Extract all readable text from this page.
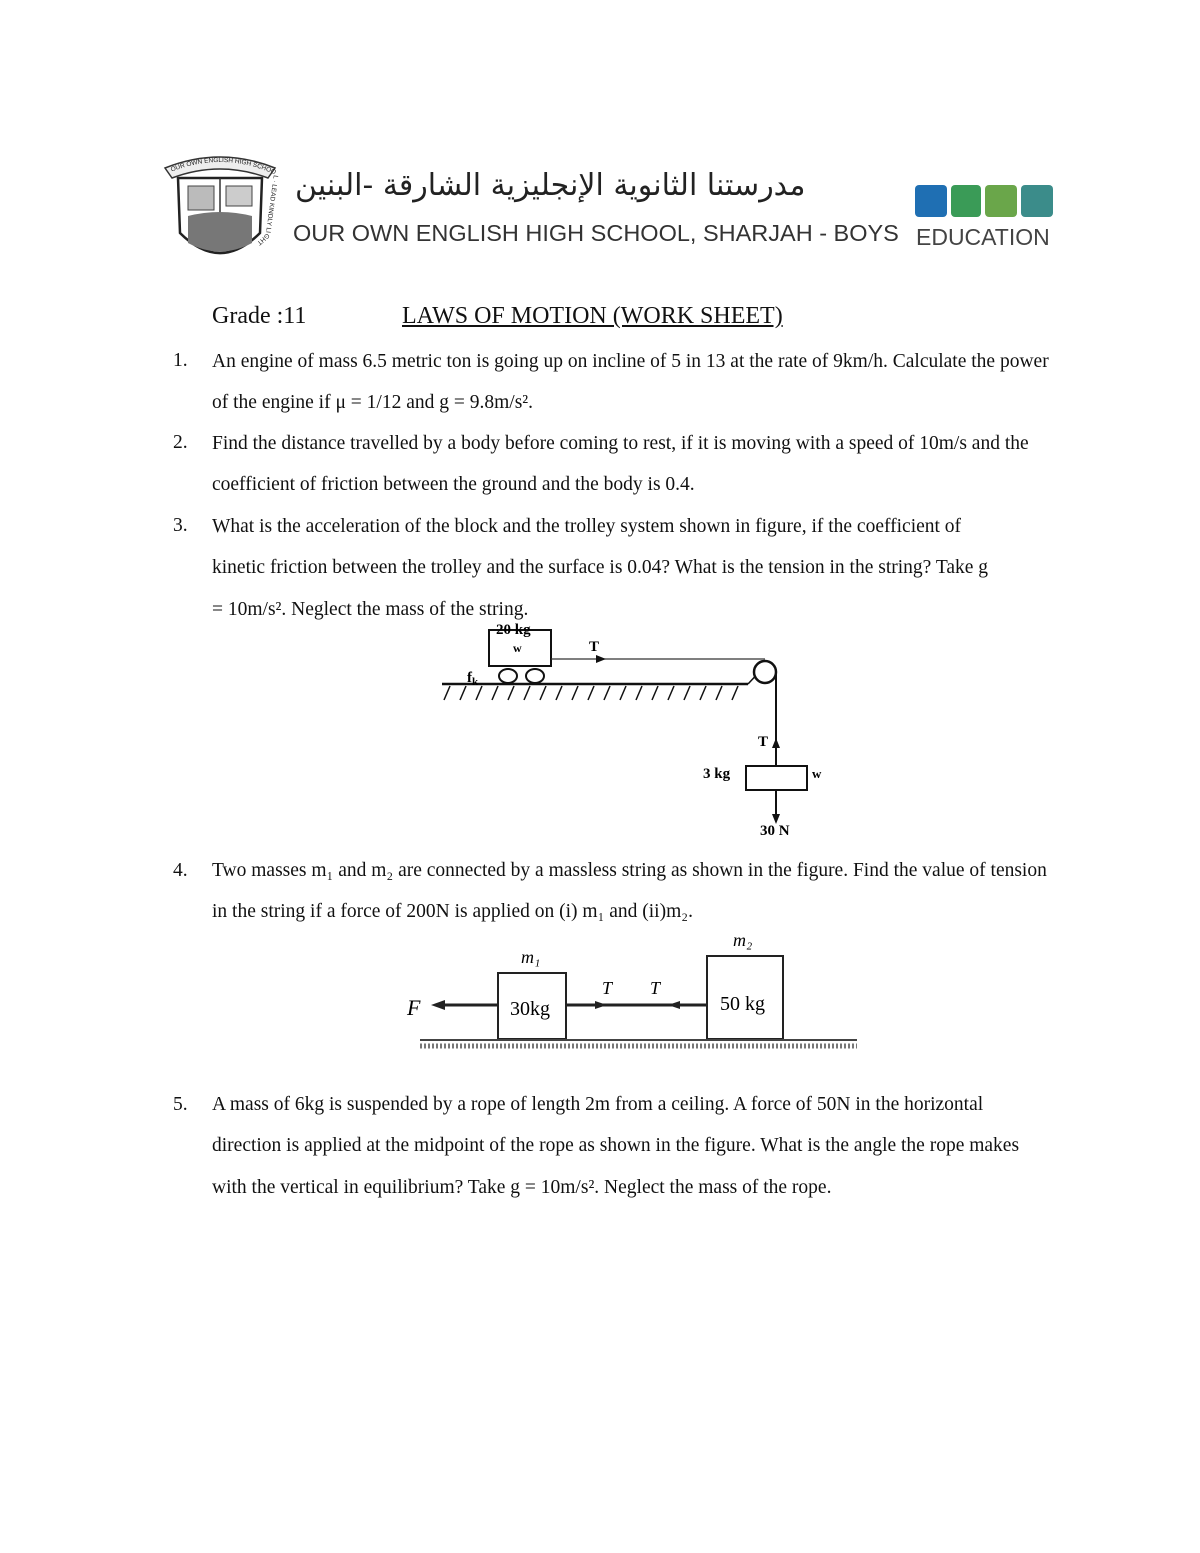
OUR OWN ENGLISH HIGH SCHOOL · LEAD KINDLY LIGHT
مدرستنا الثانوية الإنجليزية الشارقة -البنين
OUR OWN ENGLISH HIGH SCHOOL, SHARJAH - BOYS EDUCATION
Grade :11	LAWS OF MOTION (WORK SHEET)
1. An engine of mass 6.5 metric ton is going up on incline of 5 in 13 at the rate of 9km/h. Calculate the power of the engine if μ = 1/12 and g = 9.8m/s².
2. Find the distance travelled by a body before coming to rest, if it is moving with a speed of 10m/s and the coefficient of friction between the ground and the body is 0.4.
3. What is the acceleration of the block and the trolley system shown in figure, if the coefficient of kinetic friction between the trolley and the surface is 0.04? What is the tension in the string? Take g = 10m/s². Neglect the mass of the string.
20 kg
w	T
$f_k$
T
3 kg	w
30 N
4. Two masses m₁ and m₂ are connected by a massless string as shown in the figure. Find the value of tension in the string if a force of 200N is applied on (i) m₁ and (ii)m₂.
m₁
m₂
30kg	50 kg
F
T T
5. A mass of 6kg is suspended by a rope of length 2m from a ceiling. A force of 50N in the horizontal direction is applied at the midpoint of the rope as shown in the figure. What is the angle the rope makes with the vertical in equilibrium? Take g = 10m/s². Neglect the mass of the rope.
